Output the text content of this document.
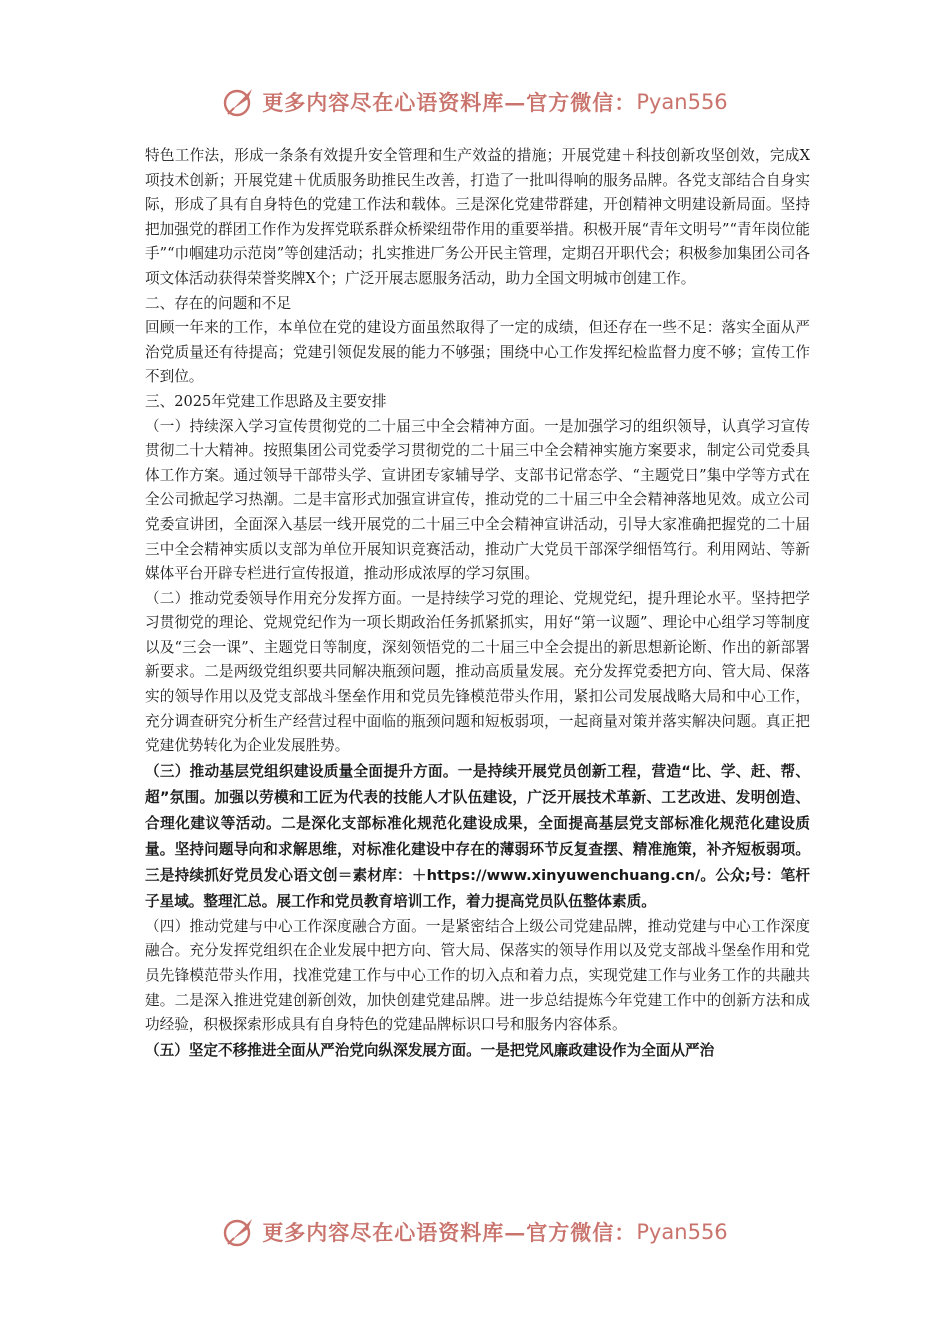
更多内容尽在心语资料库—官方微信： Pyan556

特色工作法，形成一条条有效提升安全管理和生产效益的措施；开展党建＋科技创新攻坚创效，完成X项技术创新；开展党建＋优质服务助推民生改善，打造了一批叫得响的服务品牌。各党支部结合自身实际，形成了具有自身特色的党建工作法和载体。三是深化党建带群建，开创精神文明建设新局面。坚持把加强党的群团工作作为发挥党联系群众桥梁纽带作用的重要举措。积极开展“青年文明号”“青年岗位能手”“巾帼建功示范岗”等创建活动；扎实推进厂务公开民主管理，定期召开职代会；积极参加集团公司各项文体活动获得荣誉奖牌X个；广泛开展志愿服务活动，助力全国文明城市创建工作。

二、存在的问题和不足

回顾一年来的工作，本单位在党的建设方面虽然取得了一定的成绩，但还存在一些不足：落实全面从严治党质量还有待提高；党建引领促发展的能力不够强；围绕中心工作发挥纪检监督力度不够；宣传工作不到位。

三、2025年党建工作思路及主要安排

（一）持续深入学习宣传贯彻党的二十届三中全会精神方面。一是加强学习的组织领导，认真学习宣传贯彻二十大精神。按照集团公司党委学习贯彻党的二十届三中全会精神实施方案要求，制定公司党委具体工作方案。通过领导干部带头学、宣讲团专家辅导学、支部书记常态学、“主题党日”集中学等方式在全公司掀起学习热潮。二是丰富形式加强宣讲宣传，推动党的二十届三中全会精神落地见效。成立公司党委宣讲团，全面深入基层一线开展党的二十届三中全会精神宣讲活动，引导大家准确把握党的二十届三中全会精神实质以支部为单位开展知识竞赛活动，推动广大党员干部深学细悟笃行。利用网站、等新媒体平台开辟专栏进行宣传报道，推动形成浓厚的学习氛围。

（二）推动党委领导作用充分发挥方面。一是持续学习党的理论、党规党纪，提升理论水平。坚持把学习贯彻党的理论、党规党纪作为一项长期政治任务抓紧抓实，用好“第一议题”、理论中心组学习等制度以及“三会一课”、主题党日等制度，深刻领悟党的二十届三中全会提出的新思想新论断、作出的新部署新要求。二是两级党组织要共同解决瓶颈问题，推动高质量发展。充分发挥党委把方向、管大局、保落实的领导作用以及党支部战斗堡垒作用和党员先锋模范带头作用，紧扣公司发展战略大局和中心工作，充分调查研究分析生产经营过程中面临的瓶颈问题和短板弱项，一起商量对策并落实解决问题。真正把党建优势转化为企业发展胜势。

（三）推动基层党组织建设质量全面提升方面。一是持续开展党员创新工程，营造“比、学、赶、帮、超”氛围。加强以劳模和工匠为代表的技能人才队伍建设，广泛开展技术革新、工艺改进、发明创造、合理化建议等活动。二是深化支部标准化规范化建设成果，全面提高基层党支部标准化规范化建设质量。坚持问题导向和求解思维，对标准化建设中存在的薄弱环节反复查摆、精准施策，补齐短板弱项。三是持续抓好党员发心语文创＝素材库：＋https://www.xinyuwenchuang.cn/。公众;号：笔杆子星域。整理汇总。展工作和党员教育培训工作，着力提高党员队伍整体素质。

（四）推动党建与中心工作深度融合方面。一是紧密结合上级公司党建品牌，推动党建与中心工作深度融合。充分发挥党组织在企业发展中把方向、管大局、保落实的领导作用以及党支部战斗堡垒作用和党员先锋模范带头作用，找准党建工作与中心工作的切入点和着力点，实现党建工作与业务工作的共融共建。二是深入推进党建创新创效，加快创建党建品牌。进一步总结提炼今年党建工作中的创新方法和成功经验，积极探索形成具有自身特色的党建品牌标识口号和服务内容体系。

（五）坚定不移推进全面从严治党向纵深发展方面。一是把党风廉政建设作为全面从严治

更多内容尽在心语资料库—官方微信： Pyan556
